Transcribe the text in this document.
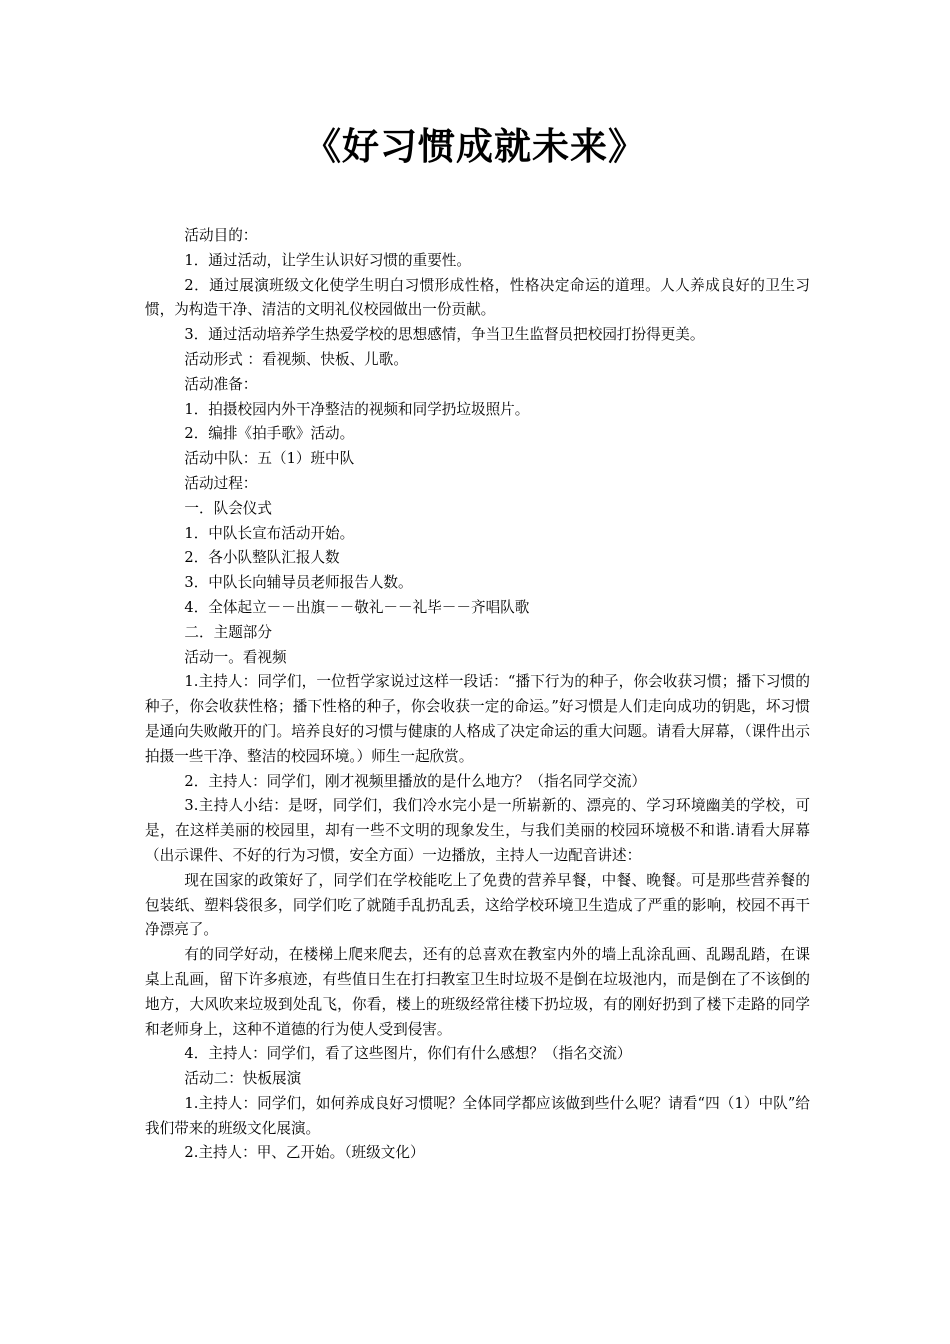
《好习惯成就未来》

活动目的：

1．通过活动，让学生认识好习惯的重要性。

2．通过展演班级文化使学生明白习惯形成性格，性格决定命运的道理。人人养成良好的卫生习惯，为构造干净、清洁的文明礼仪校园做出一份贡献。

3．通过活动培养学生热爱学校的思想感情，争当卫生监督员把校园打扮得更美。

活动形式 ：看视频、快板、儿歌。

活动准备：

1．拍摄校园内外干净整洁的视频和同学扔垃圾照片。

2．编排《拍手歌》活动。

活动中队：五（1）班中队

活动过程：

一．队会仪式

1．中队长宣布活动开始。

2．各小队整队汇报人数

3．中队长向辅导员老师报告人数。

4．全体起立－－出旗－－敬礼－－礼毕－－齐唱队歌

二．主题部分

活动一。看视频

1.主持人：同学们，一位哲学家说过这样一段话：“播下行为的种子，你会收获习惯；播下习惯的种子，你会收获性格；播下性格的种子，你会收获一定的命运。”好习惯是人们走向成功的钥匙，坏习惯是通向失败敞开的门。培养良好的习惯与健康的人格成了决定命运的重大问题。请看大屏幕，（课件出示拍摄一些干净、整洁的校园环境。）师生一起欣赏。

2．主持人：同学们，刚才视频里播放的是什么地方？（指名同学交流）

3.主持人小结：是呀，同学们，我们冷水完小是一所崭新的、漂亮的、学习环境幽美的学校，可是，在这样美丽的校园里，却有一些不文明的现象发生，与我们美丽的校园环境极不和谐.请看大屏幕（出示课件、不好的行为习惯，安全方面）一边播放，主持人一边配音讲述：

现在国家的政策好了，同学们在学校能吃上了免费的营养早餐，中餐、晚餐。可是那些营养餐的包装纸、塑料袋很多，同学们吃了就随手乱扔乱丢，这给学校环境卫生造成了严重的影响，校园不再干净漂亮了。

有的同学好动，在楼梯上爬来爬去，还有的总喜欢在教室内外的墙上乱涂乱画、乱踢乱踏，在课桌上乱画，留下许多痕迹，有些值日生在打扫教室卫生时垃圾不是倒在垃圾池内，而是倒在了不该倒的地方，大风吹来垃圾到处乱飞，你看，楼上的班级经常往楼下扔垃圾，有的刚好扔到了楼下走路的同学和老师身上，这种不道德的行为使人受到侵害。

4．主持人：同学们，看了这些图片，你们有什么感想？（指名交流）

活动二：快板展演

1.主持人：同学们，如何养成良好习惯呢？全体同学都应该做到些什么呢？请看“四（1）中队”给我们带来的班级文化展演。

2.主持人：甲、乙开始。（班级文化）
